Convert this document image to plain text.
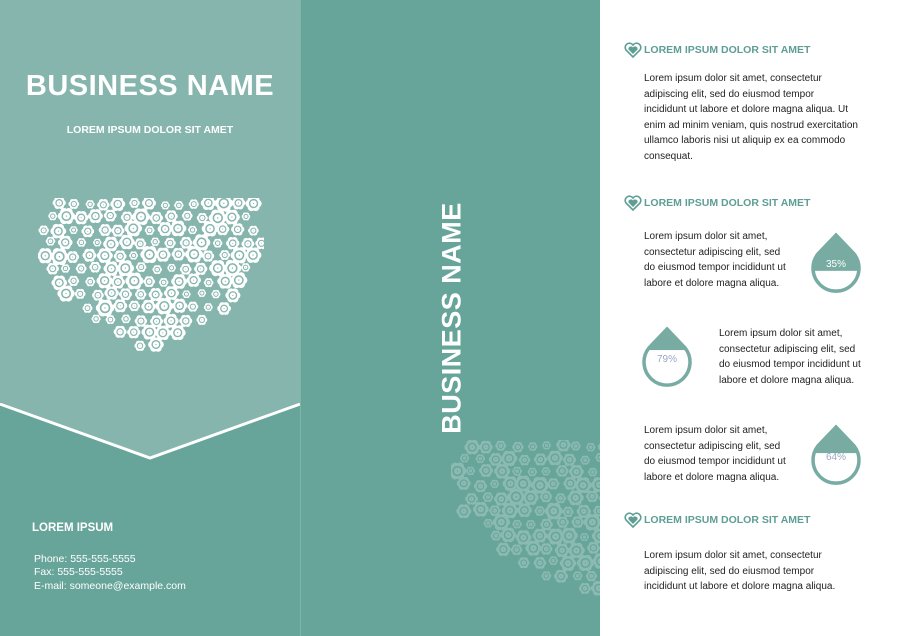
BUSINESS NAME
LOREM IPSUM DOLOR SIT AMET
LOREM IPSUM
Phone: 555-555-5555
Fax: 555-555-5555
E-mail: someone@example.com
BUSINESS NAME
LOREM IPSUM DOLOR SIT AMET
Lorem ipsum dolor sit amet, consectetur
adipiscing elit, sed do eiusmod tempor
incididunt ut labore et dolore magna aliqua. Ut
enim ad minim veniam, quis nostrud exercitation
ullamco laboris nisi ut aliquip ex ea commodo
consequat.
LOREM IPSUM DOLOR SIT AMET
Lorem ipsum dolor sit amet,
consectetur adipiscing elit, sed
do eiusmod tempor incididunt ut
labore et dolore magna aliqua.
35%
79%
Lorem ipsum dolor sit amet,
consectetur adipiscing elit, sed
do eiusmod tempor incididunt ut
labore et dolore magna aliqua.
Lorem ipsum dolor sit amet,
consectetur adipiscing elit, sed
do eiusmod tempor incididunt ut
labore et dolore magna aliqua.
64%
LOREM IPSUM DOLOR SIT AMET
Lorem ipsum dolor sit amet, consectetur
adipiscing elit, sed do eiusmod tempor
incididunt ut labore et dolore magna aliqua.
